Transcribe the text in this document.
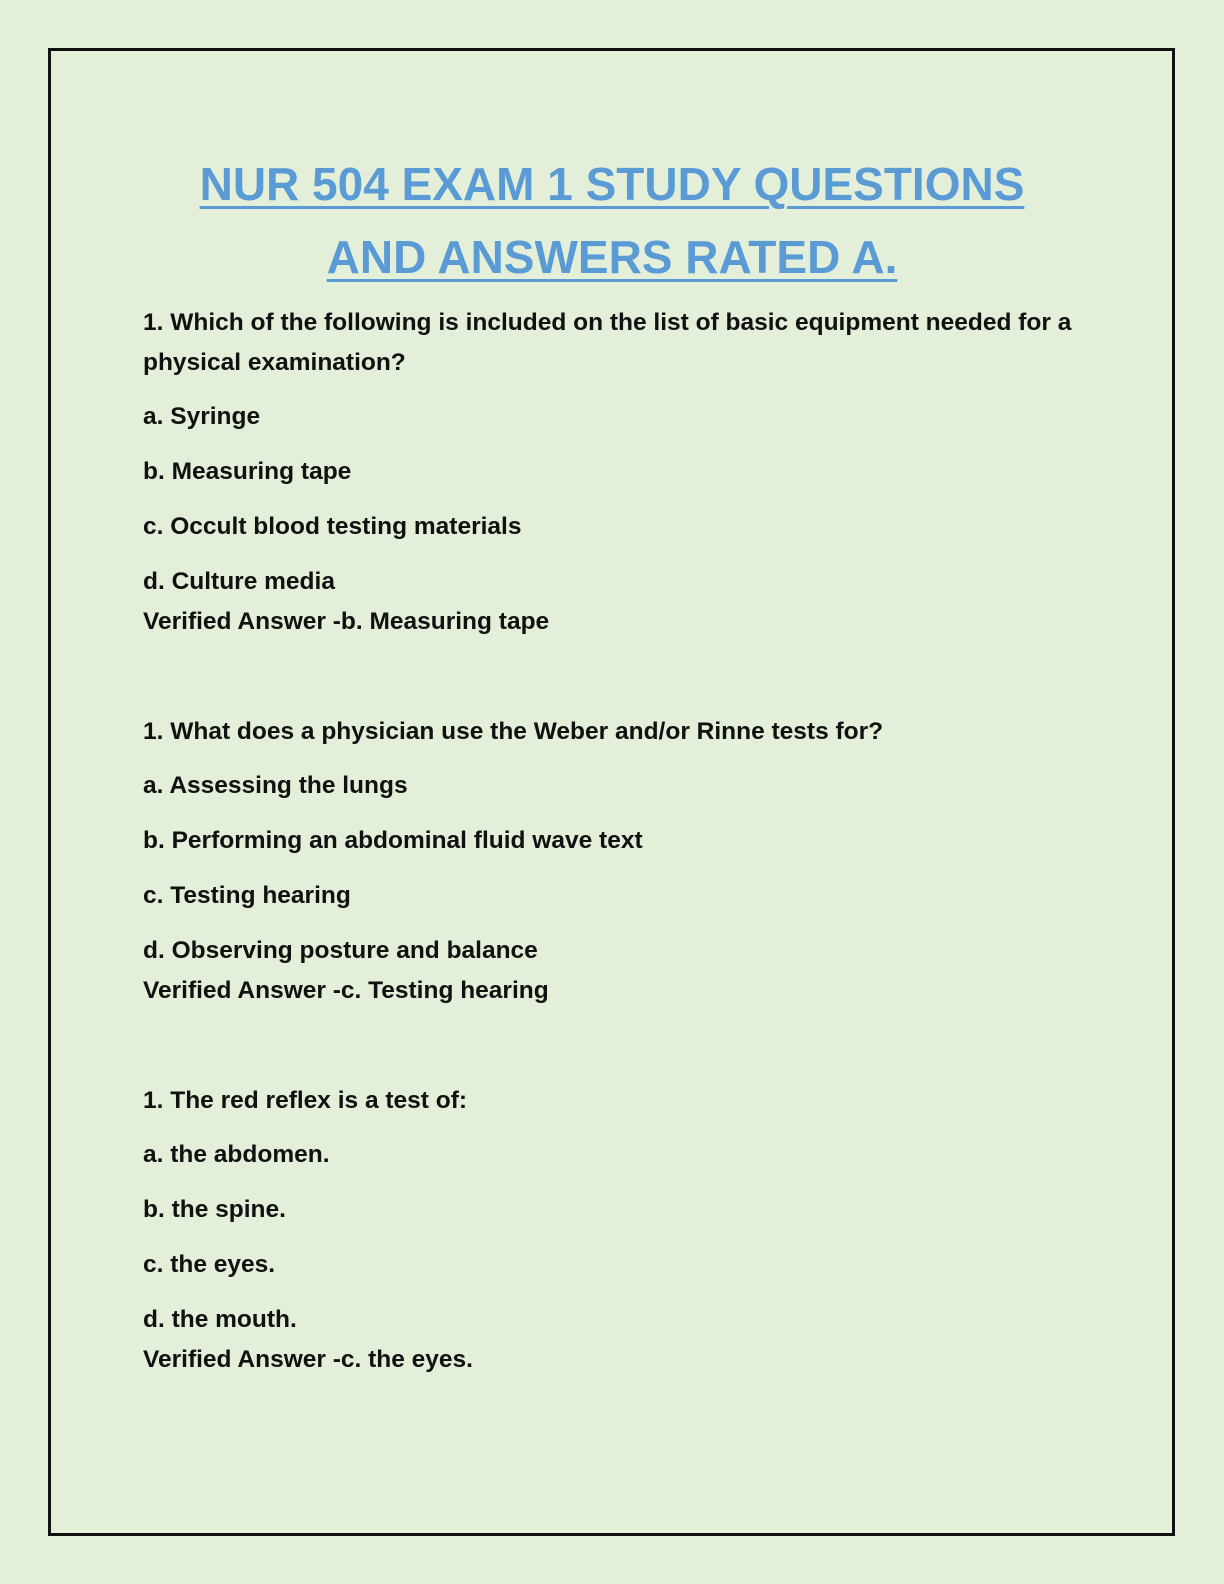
NUR 504 EXAM 1 STUDY QUESTIONS
AND ANSWERS RATED A.
1. Which of the following is included on the list of basic equipment needed for a physical examination?
a. Syringe
b. Measuring tape
c. Occult blood testing materials
d. Culture media
Verified Answer -b. Measuring tape
1. What does a physician use the Weber and/or Rinne tests for?
a. Assessing the lungs
b. Performing an abdominal fluid wave text
c. Testing hearing
d. Observing posture and balance
Verified Answer -c. Testing hearing
1. The red reflex is a test of:
a. the abdomen.
b. the spine.
c. the eyes.
d. the mouth.
Verified Answer -c. the eyes.
